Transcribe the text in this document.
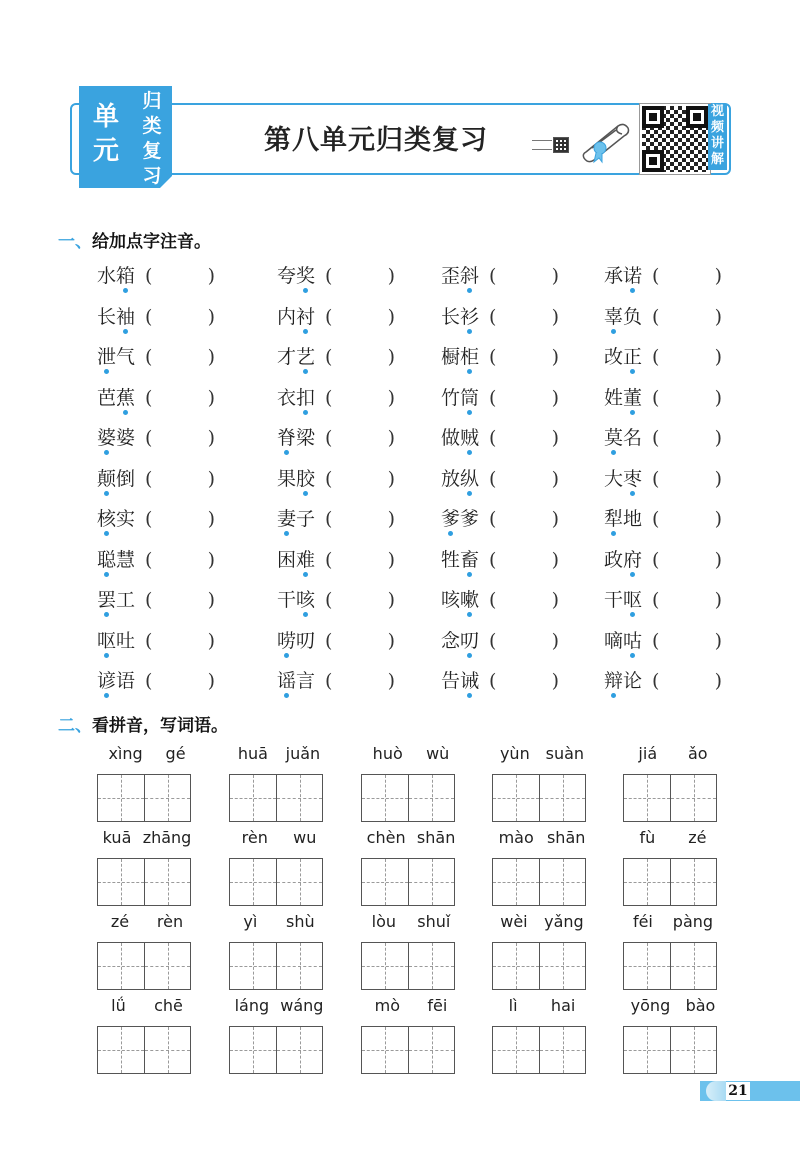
单
元
归
类
复
习
第八单元归类复习
视
频
讲
解
一、给加点字注音。
水箱 (	)	夸奖 (	) 歪斜 (	) 承诺 (	)
长袖 (	)	内衬 (	) 长衫 (	) 辜负 (	)
泄气 (	)	才艺 (	) 橱柜 (	) 改正 (	)
芭蕉 (	)	衣扣 (	) 竹筒 (	) 姓董 (	)
婆婆 (	)	脊梁 (	) 做贼 (	) 莫名 (	)
颠倒 (	)	果胶 (	) 放纵 (	) 大枣 (	)
核实 (	)	妻子 (	) 爹爹 (	) 犁地 (	)
聪慧 (	)	困难 (	) 牲畜 (	) 政府 (	)
罢工 (	)	干咳 (	) 咳嗽 (	) 干呕 (	)
呕吐 (	)	唠叨 (	) 念叨 (	) 嘀咕 (	)
谚语 (	)	谣言 (	) 告诫 (	) 辩论 (	)
二、看拼音，写词语。
xìng gé	huā juǎn	huò wù	yùn suàn	jiá ǎo
kuā zhāng	rèn wu	chèn shān	mào shān	fù zé
zé rèn	yì shù	lòu shuǐ	wèi yǎng	féi pàng
lǘ chē	láng wáng	mò fēi	lì hai	yōng bào
21
